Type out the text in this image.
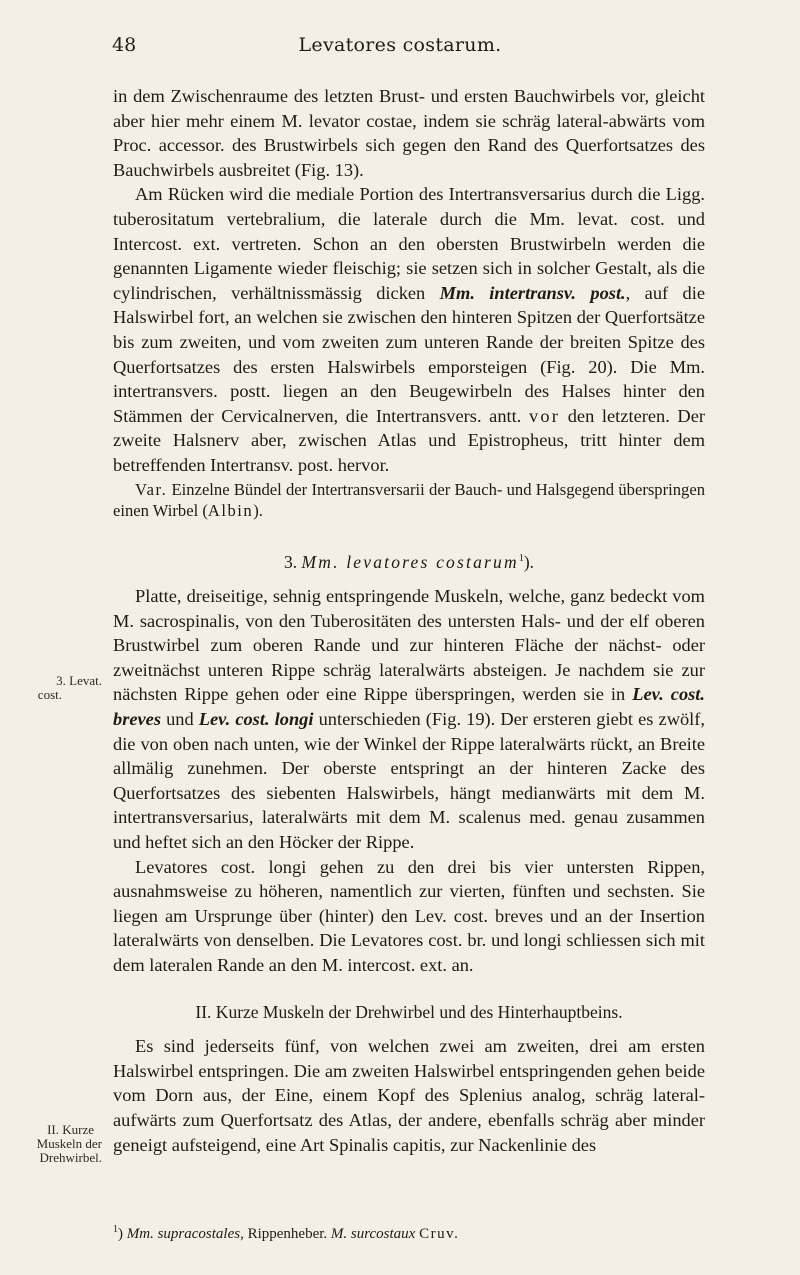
48	Levatores costarum.
3. Levat.
cost.
II. Kurze
Muskeln der
Drehwirbel.

in dem Zwischenraume des letzten Brust- und ersten Bauchwirbels vor, gleicht aber hier mehr einem M. levator costae, indem sie schräg lateral-abwärts vom Proc. accessor. des Brustwirbels sich gegen den Rand des Querfortsatzes des Bauchwirbels ausbreitet (Fig. 13).

Am Rücken wird die mediale Portion des Intertransversarius durch die Ligg. tuberositatum vertebralium, die laterale durch die Mm. levat. cost. und Intercost. ext. vertreten. Schon an den obersten Brustwirbeln werden die genannten Ligamente wieder fleischig; sie setzen sich in solcher Gestalt, als die cylindrischen, verhältnissmässig dicken Mm. intertransv. post., auf die Halswirbel fort, an welchen sie zwischen den hinteren Spitzen der Querfortsätze bis zum zweiten, und vom zweiten zum unteren Rande der breiten Spitze des Querfortsatzes des ersten Halswirbels emporsteigen (Fig. 20). Die Mm. intertransvers. postt. liegen an den Beugewirbeln des Halses hinter den Stämmen der Cervicalnerven, die Intertransvers. antt. vor den letzteren. Der zweite Halsnerv aber, zwischen Atlas und Epistropheus, tritt hinter dem betreffenden Intertransv. post. hervor.

Var. Einzelne Bündel der Intertransversarii der Bauch- und Halsgegend überspringen einen Wirbel (Albin).

3. Mm. levatores costarum$^1$).

Platte, dreiseitige, sehnig entspringende Muskeln, welche, ganz bedeckt vom M. sacrospinalis, von den Tuberositäten des untersten Hals- und der elf oberen Brustwirbel zum oberen Rande und zur hinteren Fläche der nächst- oder zweitnächst unteren Rippe schräg lateralwärts absteigen. Je nachdem sie zur nächsten Rippe gehen oder eine Rippe überspringen, werden sie in Lev. cost. breves und Lev. cost. longi unterschieden (Fig. 19). Der ersteren giebt es zwölf, die von oben nach unten, wie der Winkel der Rippe lateralwärts rückt, an Breite allmälig zunehmen. Der oberste entspringt an der hinteren Zacke des Querfortsatzes des siebenten Halswirbels, hängt medianwärts mit dem M. intertransversarius, lateralwärts mit dem M. scalenus med. genau zusammen und heftet sich an den Höcker der Rippe.

Levatores cost. longi gehen zu den drei bis vier untersten Rippen, ausnahmsweise zu höheren, namentlich zur vierten, fünften und sechsten. Sie liegen am Ursprunge über (hinter) den Lev. cost. breves und an der Insertion lateralwärts von denselben. Die Levatores cost. br. und longi schliessen sich mit dem lateralen Rande an den M. intercost. ext. an.

II. Kurze Muskeln der Drehwirbel und des Hinterhauptbeins.

Es sind jederseits fünf, von welchen zwei am zweiten, drei am ersten Halswirbel entspringen. Die am zweiten Halswirbel entspringenden gehen beide vom Dorn aus, der Eine, einem Kopf des Splenius analog, schräg lateral-aufwärts zum Querfortsatz des Atlas, der andere, ebenfalls schräg aber minder geneigt aufsteigend, eine Art Spinalis capitis, zur Nackenlinie des

$^1$) Mm. supracostales, Rippenheber. M. surcostaux Cruv.
